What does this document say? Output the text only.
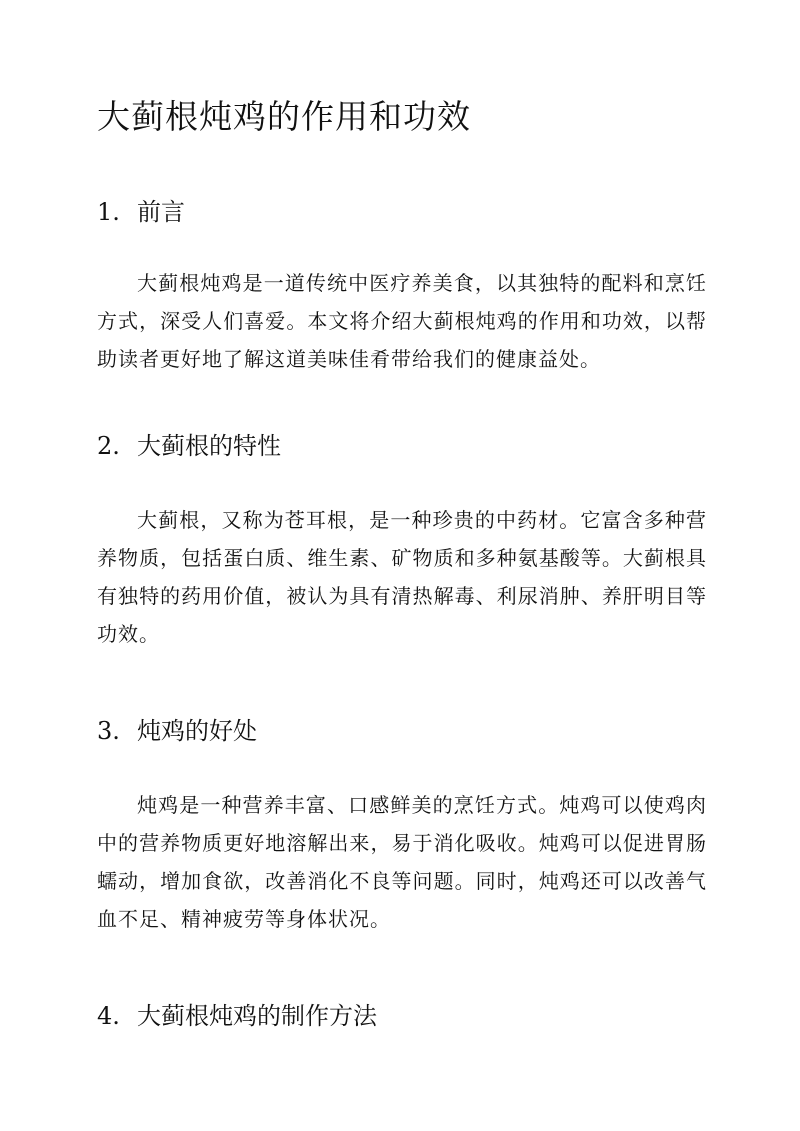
大蓟根炖鸡的作用和功效
1. 前言

大蓟根炖鸡是一道传统中医疗养美食，以其独特的配料和烹饪方式，深受人们喜爱。本文将介绍大蓟根炖鸡的作用和功效，以帮助读者更好地了解这道美味佳肴带给我们的健康益处。

2. 大蓟根的特性

大蓟根，又称为苍耳根，是一种珍贵的中药材。它富含多种营养物质，包括蛋白质、维生素、矿物质和多种氨基酸等。大蓟根具有独特的药用价值，被认为具有清热解毒、利尿消肿、养肝明目等功效。

3. 炖鸡的好处

炖鸡是一种营养丰富、口感鲜美的烹饪方式。炖鸡可以使鸡肉中的营养物质更好地溶解出来，易于消化吸收。炖鸡可以促进胃肠蠕动，增加食欲，改善消化不良等问题。同时，炖鸡还可以改善气血不足、精神疲劳等身体状况。

4. 大蓟根炖鸡的制作方法
